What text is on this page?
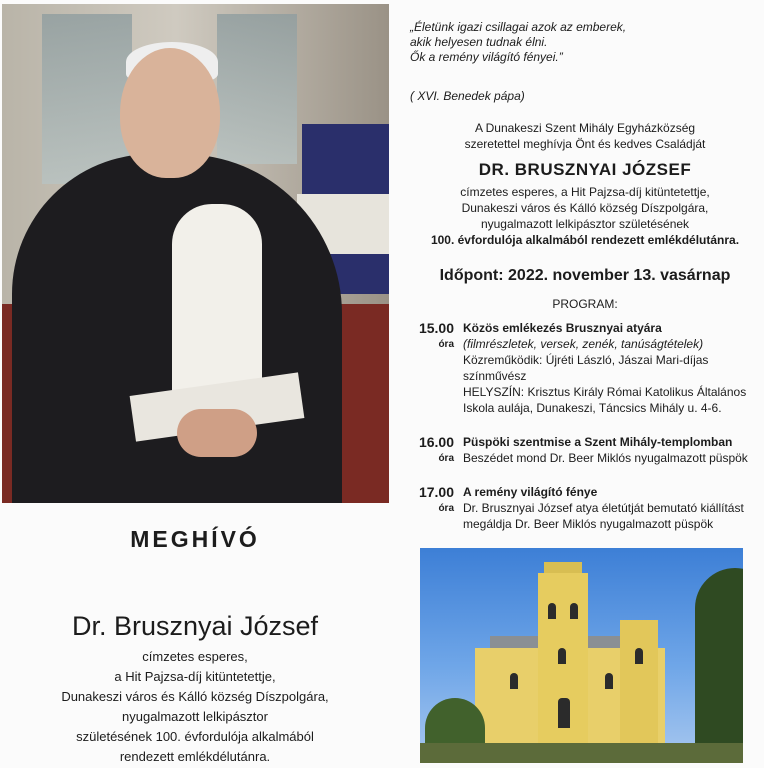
„Életünk igazi csillagai azok az emberek,

akik helyesen tudnak élni.

Ők a remény világító fényei.”

( XVI. Benedek pápa)

A Dunakeszi Szent Mihály Egyházközség

szeretettel meghívja Önt és kedves Családját

DR. BRUSZNYAI JÓZSEF

címzetes esperes, a Hit Pajzsa-díj kitüntetettje,

Dunakeszi város és Kálló község Díszpolgára,

nyugalmazott lelkipásztor születésének

100. évfordulója alkalmából rendezett emlékdélutánra.

Időpont: 2022. november 13. vasárnap
PROGRAM:
15.00
óra

Közös emlékezés Brusznyai atyára

(filmrészletek, versek, zenék, tanúságtételek)

Közreműködik: Újréti László, Jászai Mari-díjas

színművész

HELYSZÍN: Krisztus Király Római Katolikus Általános

Iskola aulája, Dunakeszi, Táncsics Mihály u. 4-6.

16.00
óra

Püspöki szentmise a Szent Mihály-templomban

Beszédet mond Dr. Beer Miklós nyugalmazott püspök

17.00
óra

A remény világító fénye

Dr. Brusznyai József atya életútját bemutató kiállítást

megáldja Dr. Beer Miklós nyugalmazott püspök

MEGHÍVÓ
Dr. Brusznyai József

címzetes esperes,

a Hit Pajzsa-díj kitüntetettje,

Dunakeszi város és Kálló község Díszpolgára,

nyugalmazott lelkipásztor

születésének 100. évfordulója alkalmából

rendezett emlékdélutánra.
